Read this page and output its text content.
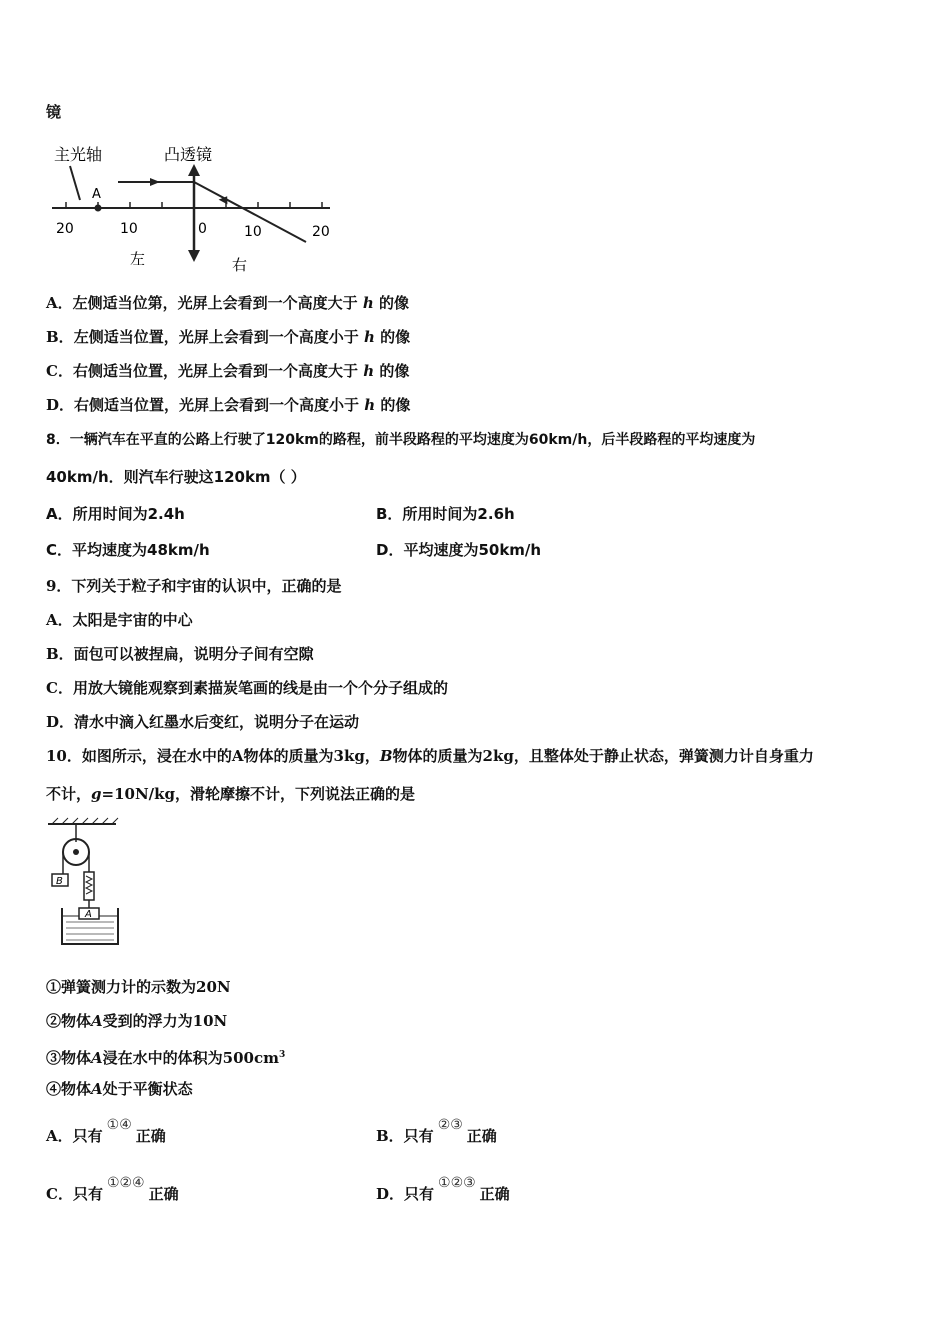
镜
主光轴	凸透镜
A
20	10	0	10	20
左	右
A．左侧适当位第，光屏上会看到一个高度大于 h 的像
B．左侧适当位置，光屏上会看到一个高度小于 h 的像
C．右侧适当位置，光屏上会看到一个高度大于 h 的像
D．右侧适当位置，光屏上会看到一个高度小于 h 的像
8．一辆汽车在平直的公路上行驶了120km的路程，前半段路程的平均速度为60km/h，后半段路程的平均速度为
40km/h．则汽车行驶这120km（ ）
A．所用时间为2.4h	B．所用时间为2.6h
C．平均速度为48km/h	D．平均速度为50km/h
9．下列关于粒子和宇宙的认识中，正确的是
A．太阳是宇宙的中心
B．面包可以被捏扁，说明分子间有空隙
C．用放大镜能观察到素描炭笔画的线是由一个个分子组成的
D．清水中滴入红墨水后变红，说明分子在运动
10．如图所示，浸在水中的A物体的质量为3kg，B物体的质量为2kg，且整体处于静止状态，弹簧测力计自身重力
不计，g=10N/kg，滑轮摩擦不计，下列说法正确的是
B
A
①弹簧测力计的示数为20N
②物体A受到的浮力为10N
③物体A浸在水中的体积为$500cm^3$
④物体A处于平衡状态
A．只有①④正确	B．只有②③正确
C．只有①②④正确	D．只有①②③正确
